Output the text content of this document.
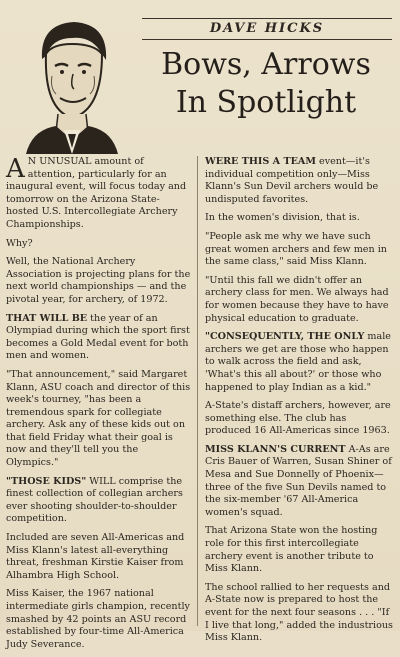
DAVE HICKS
Bows, Arrows
In Spotlight

A N UNUSUAL amount of attention, particularly for an inaugural event, will focus today and tomorrow on the Arizona State-hosted U.S. Intercollegiate Archery Championships.

Why?

Well, the National Archery Association is projecting plans for the next world championships — and the pivotal year, for archery, of 1972.

THAT WILL BE the year of an Olympiad during which the sport first becomes a Gold Medal event for both men and women.

"That announcement," said Margaret Klann, ASU coach and director of this week's tourney, "has been a tremendous spark for collegiate archery. Ask any of these kids out on that field Friday what their goal is now and they'll tell you the Olympics."

"THOSE KIDS" WILL comprise the finest collection of collegian archers ever shooting shoulder-to-shoulder competition.

Included are seven All-Americas and Miss Klann's latest all-everything threat, freshman Kirstie Kaiser from Alhambra High School.

Miss Kaiser, the 1967 national intermediate girls champion, recently smashed by 42 points an ASU record established by four-time All-America Judy Severance.

WERE THIS A TEAM event—it's individual competition only—Miss Klann's Sun Devil archers would be undisputed favorites.

In the women's division, that is.

"People ask me why we have such great women archers and few men in the same class," said Miss Klann.

"Until this fall we didn't offer an archery class for men. We always had for women because they have to have physical education to graduate.

"CONSEQUENTLY, THE ONLY male archers we get are those who happen to walk across the field and ask, 'What's this all about?' or those who happened to play Indian as a kid."

A-State's distaff archers, however, are something else. The club has produced 16 All-Americas since 1963.

MISS KLANN'S CURRENT A-As are Cris Bauer of Warren, Susan Shiner of Mesa and Sue Donnelly of Phoenix—three of the five Sun Devils named to the six-member '67 All-America women's squad.

That Arizona State won the hosting role for this first intercollegiate archery event is another tribute to Miss Klann.

The school rallied to her requests and A-State now is prepared to host the event for the next four seasons . . . "If I live that long," added the industrious Miss Klann.
